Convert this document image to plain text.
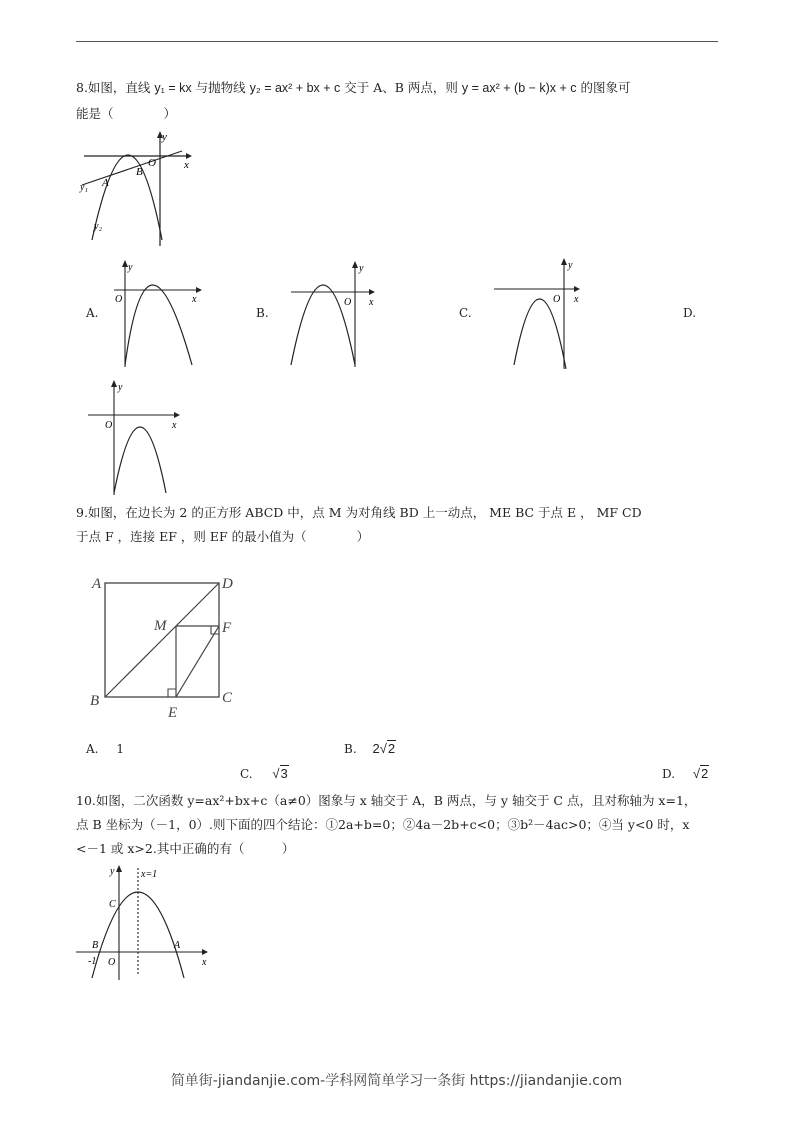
8.如图，直线 y₁ = kx 与抛物线 y₂ = ax² + bx + c 交于 A、B 两点，则 y = ax² + (b − k)x + c 的图象可
能是（　　　　）
y
x
O
A
B
y₁
y₂
A.	B.	C.	D.
y
x
O
y
x
O
y
x
O
y
x
O
9.如图，在边长为 2 的正方形 ABCD 中，点 M 为对角线 BD 上一动点， ME BC 于点 E ， MF CD
于点 F ，连接 EF ，则 EF 的最小值为（　　　　）
A	D
B	C
M	F
E
A. 1	B. 2√2
C. √3	D. √2
10.如图，二次函数 y=ax²+bx+c（a≠0）图象与 x 轴交于 A，B 两点，与 y 轴交于 C 点，且对称轴为 x=1，
点 B 坐标为（－1，0）.则下面的四个结论：①2a+b=0；②4a－2b+c<0；③b²－4ac>0；④当 y<0 时，x
<－1 或 x>2.其中正确的有（　　　）
y
x
O
A
B
C
-1
x=1
简单街-jiandanjie.com-学科网简单学习一条街 https://jiandanjie.com
